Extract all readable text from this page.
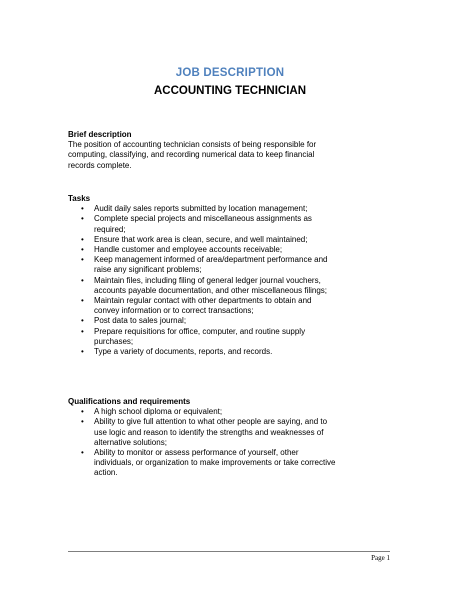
JOB DESCRIPTION
ACCOUNTING TECHNICIAN

Brief description

The position of accounting technician consists of being responsible for computing, classifying, and recording numerical data to keep financial records complete.

Tasks

• Audit daily sales reports submitted by location management;
• Complete special projects and miscellaneous assignments as required;
• Ensure that work area is clean, secure, and well maintained;
• Handle customer and employee accounts receivable;
• Keep management informed of area/department performance and raise any significant problems;
• Maintain files, including filing of general ledger journal vouchers, accounts payable documentation, and other miscellaneous filings;
• Maintain regular contact with other departments to obtain and convey information or to correct transactions;
• Post data to sales journal;
• Prepare requisitions for office, computer, and routine supply purchases;
• Type a variety of documents, reports, and records.

Qualifications and requirements

• A high school diploma or equivalent;
• Ability to give full attention to what other people are saying, and to use logic and reason to identify the strengths and weaknesses of alternative solutions;
• Ability to monitor or assess performance of yourself, other individuals, or organization to make improvements or take corrective action.
Page 1
